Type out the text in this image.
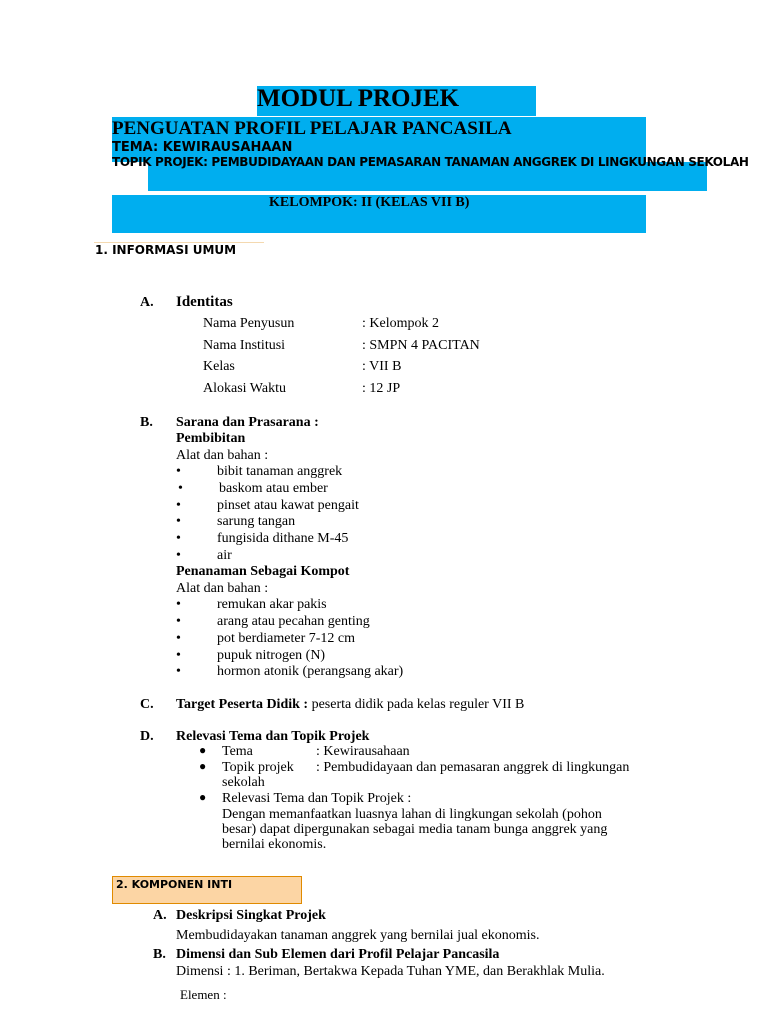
MODUL PROJEK
PENGUATAN PROFIL PELAJAR PANCASILA
TEMA: KEWIRAUSAHAAN
TOPIK PROJEK: PEMBUDIDAYAAN DAN PEMASARAN TANAMAN ANGGREK DI LINGKUNGAN SEKOLAH
KELOMPOK: II (KELAS VII B)
1. INFORMASI UMUM
A. Identitas
Nama Penyusun	: Kelompok 2
Nama Institusi	: SMPN 4 PACITAN
Kelas	: VII B
Alokasi Waktu	: 12 JP
B. Sarana dan Prasarana :
Pembibitan
Alat dan bahan :
•	bibit tanaman anggrek
•	baskom atau ember
•	pinset atau kawat pengait
•	sarung tangan
•	fungisida dithane M-45
•	air
Penanaman Sebagai Kompot
Alat dan bahan :
•	remukan akar pakis
•	arang atau pecahan genting
•	pot berdiameter 7-12 cm
•	pupuk nitrogen (N)
•	hormon atonik (perangsang akar)
C. Target Peserta Didik : peserta didik pada kelas reguler VII B
D. Relevasi Tema dan Topik Projek
● Tema	: Kewirausahaan
● Topik projek : Pembudidayaan dan pemasaran anggrek di lingkungan
sekolah
● Relevasi Tema dan Topik Projek :
Dengan memanfaatkan luasnya lahan di lingkungan sekolah (pohon
besar) dapat dipergunakan sebagai media tanam bunga anggrek yang
bernilai ekonomis.
2. KOMPONEN INTI
A. Deskripsi Singkat Projek
Membudidayakan tanaman anggrek yang bernilai jual ekonomis.
B. Dimensi dan Sub Elemen dari Profil Pelajar Pancasila
Dimensi : 1. Beriman, Bertakwa Kepada Tuhan YME, dan Berakhlak Mulia.
Elemen :
